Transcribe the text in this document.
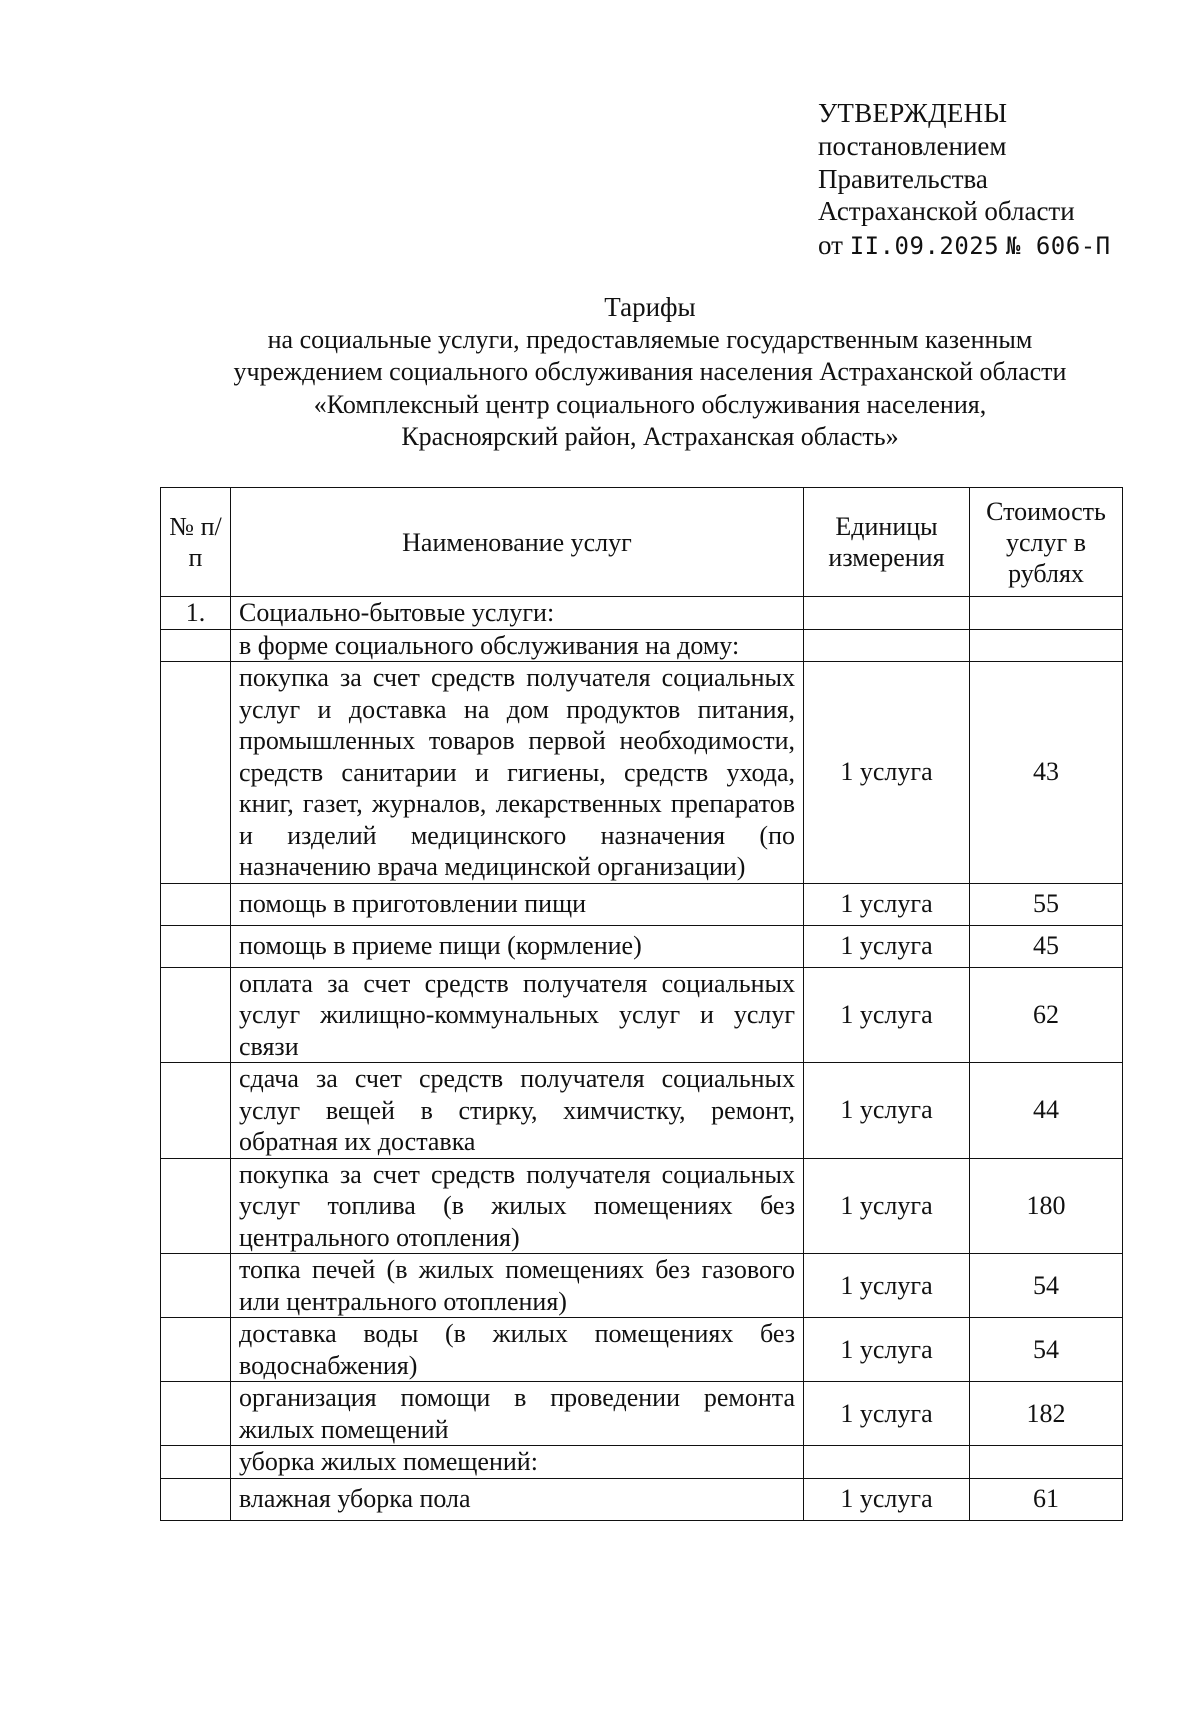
УТВЕРЖДЕНЫ
постановлением
Правительства
Астраханской области
от II.09.2025 № 606-П
Тарифы
на социальные услуги, предоставляемые государственным казенным
учреждением социального обслуживания населения Астраханской области
«Комплексный центр социального обслуживания населения,
Красноярский район, Астраханская область»
№ п/п	Наименование услуг	Единицы измерения	Стоимость услуг в рублях
1.	Социально-бытовые услуги:		
	в форме социального обслуживания на дому:		
	покупка за счет средств получателя социальных услуг и доставка на дом продуктов питания, промышленных товаров первой необходимости, средств санитарии и гигиены, средств ухода, книг, газет, журналов, лекарственных препаратов и изделий медицинского назначения (по назначению врача медицинской организации)	1 услуга	43
	помощь в приготовлении пищи	1 услуга	55
	помощь в приеме пищи (кормление)	1 услуга	45
	оплата за счет средств получателя социальных услуг жилищно-коммунальных услуг и услуг связи	1 услуга	62
	сдача за счет средств получателя социальных услуг вещей в стирку, химчистку, ремонт, обратная их доставка	1 услуга	44
	покупка за счет средств получателя социальных услуг топлива (в жилых помещениях без центрального отопления)	1 услуга	180
	топка печей (в жилых помещениях без газового или центрального отопления)	1 услуга	54
	доставка воды (в жилых помещениях без водоснабжения)	1 услуга	54
	организация помощи в проведении ремонта жилых помещений	1 услуга	182
	уборка жилых помещений:		
	влажная уборка пола	1 услуга	61
